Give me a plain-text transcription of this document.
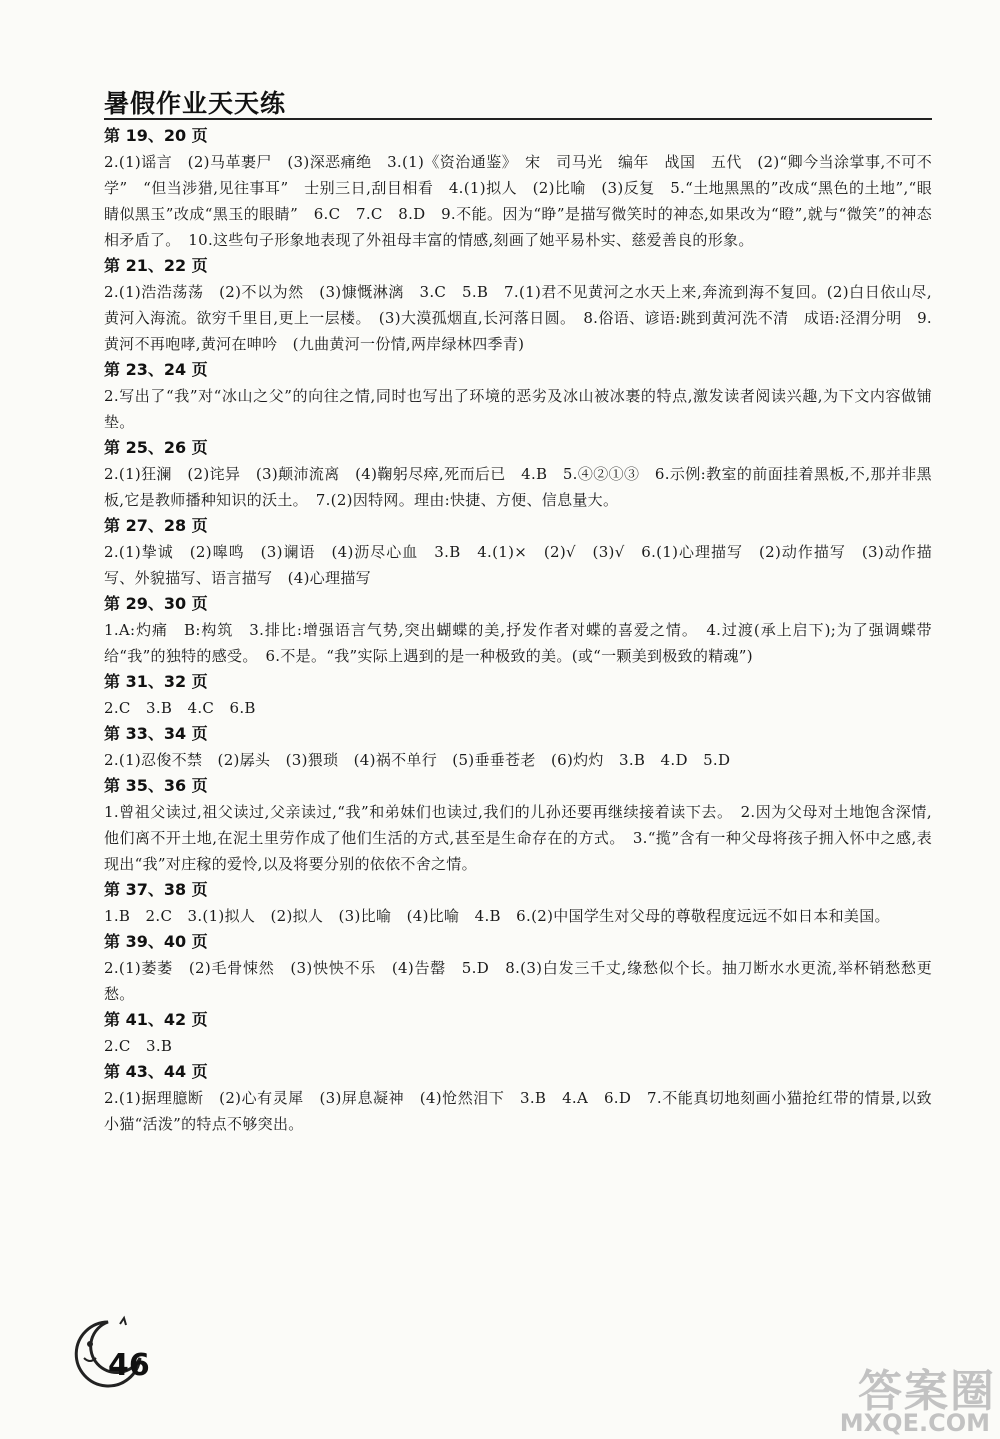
暑假作业天天练
第 19、20 页
2.(1)谣言　(2)马革裹尸　(3)深恶痛绝　3.(1)《资治通鉴》　宋　司马光　编年　战国　五代　(2)“卿今当涂掌事,不可不学”　“但当涉猎,见往事耳”　士别三日,刮目相看　4.(1)拟人　(2)比喻　(3)反复　5.“土地黑黑的”改成“黑色的土地”,“眼睛似黑玉”改成“黑玉的眼睛”　6.C　7.C　8.D　9.不能。因为“睁”是描写微笑时的神态,如果改为“瞪”,就与“微笑”的神态相矛盾了。　10.这些句子形象地表现了外祖母丰富的情感,刻画了她平易朴实、慈爱善良的形象。
第 21、22 页
2.(1)浩浩荡荡　(2)不以为然　(3)慷慨淋漓　3.C　5.B　7.(1)君不见黄河之水天上来,奔流到海不复回。(2)白日依山尽,黄河入海流。欲穷千里目,更上一层楼。　(3)大漠孤烟直,长河落日圆。　8.俗语、谚语:跳到黄河洗不清　成语:泾渭分明　9.黄河不再咆哮,黄河在呻吟　(九曲黄河一份情,两岸绿林四季青)
第 23、24 页
2.写出了“我”对“冰山之父”的向往之情,同时也写出了环境的恶劣及冰山被冰裹的特点,激发读者阅读兴趣,为下文内容做铺垫。
第 25、26 页
2.(1)狂澜　(2)诧异　(3)颠沛流离　(4)鞠躬尽瘁,死而后已　4.B　5.④②①③　6.示例:教室的前面挂着黑板,不,那并非黑板,它是教师播种知识的沃土。　7.(2)因特网。理由:快捷、方便、信息量大。
第 27、28 页
2.(1)挚诚　(2)嗥鸣　(3)谰语　(4)沥尽心血　3.B　4.(1)×　(2)√　(3)√　6.(1)心理描写　(2)动作描写　(3)动作描写、外貌描写、语言描写　(4)心理描写
第 29、30 页
1.A:灼痛　B:构筑　3.排比:增强语言气势,突出蝴蝶的美,抒发作者对蝶的喜爱之情。　4.过渡(承上启下);为了强调蝶带给“我”的独特的感受。　6.不是。“我”实际上遇到的是一种极致的美。(或“一颗美到极致的精魂”)
第 31、32 页
2.C　3.B　4.C　6.B
第 33、34 页
2.(1)忍俊不禁　(2)孱头　(3)猥琐　(4)祸不单行　(5)垂垂苍老　(6)灼灼　3.B　4.D　5.D
第 35、36 页
1.曾祖父读过,祖父读过,父亲读过,“我”和弟妹们也读过,我们的儿孙还要再继续接着读下去。　2.因为父母对土地饱含深情,他们离不开土地,在泥土里劳作成了他们生活的方式,甚至是生命存在的方式。　3.“揽”含有一种父母将孩子拥入怀中之感,表现出“我”对庄稼的爱怜,以及将要分别的依依不舍之情。
第 37、38 页
1.B　2.C　3.(1)拟人　(2)拟人　(3)比喻　(4)比喻　4.B　6.(2)中国学生对父母的尊敬程度远远不如日本和美国。
第 39、40 页
2.(1)萎萎　(2)毛骨悚然　(3)怏怏不乐　(4)告罄　5.D　8.(3)白发三千丈,缘愁似个长。抽刀断水水更流,举杯销愁愁更愁。
第 41、42 页
2.C　3.B
第 43、44 页
2.(1)据理臆断　(2)心有灵犀　(3)屏息凝神　(4)怆然泪下　3.B　4.A　6.D　7.不能真切地刻画小猫抢红带的情景,以致小猫“活泼”的特点不够突出。
46
答案圈
MXQE.COM
